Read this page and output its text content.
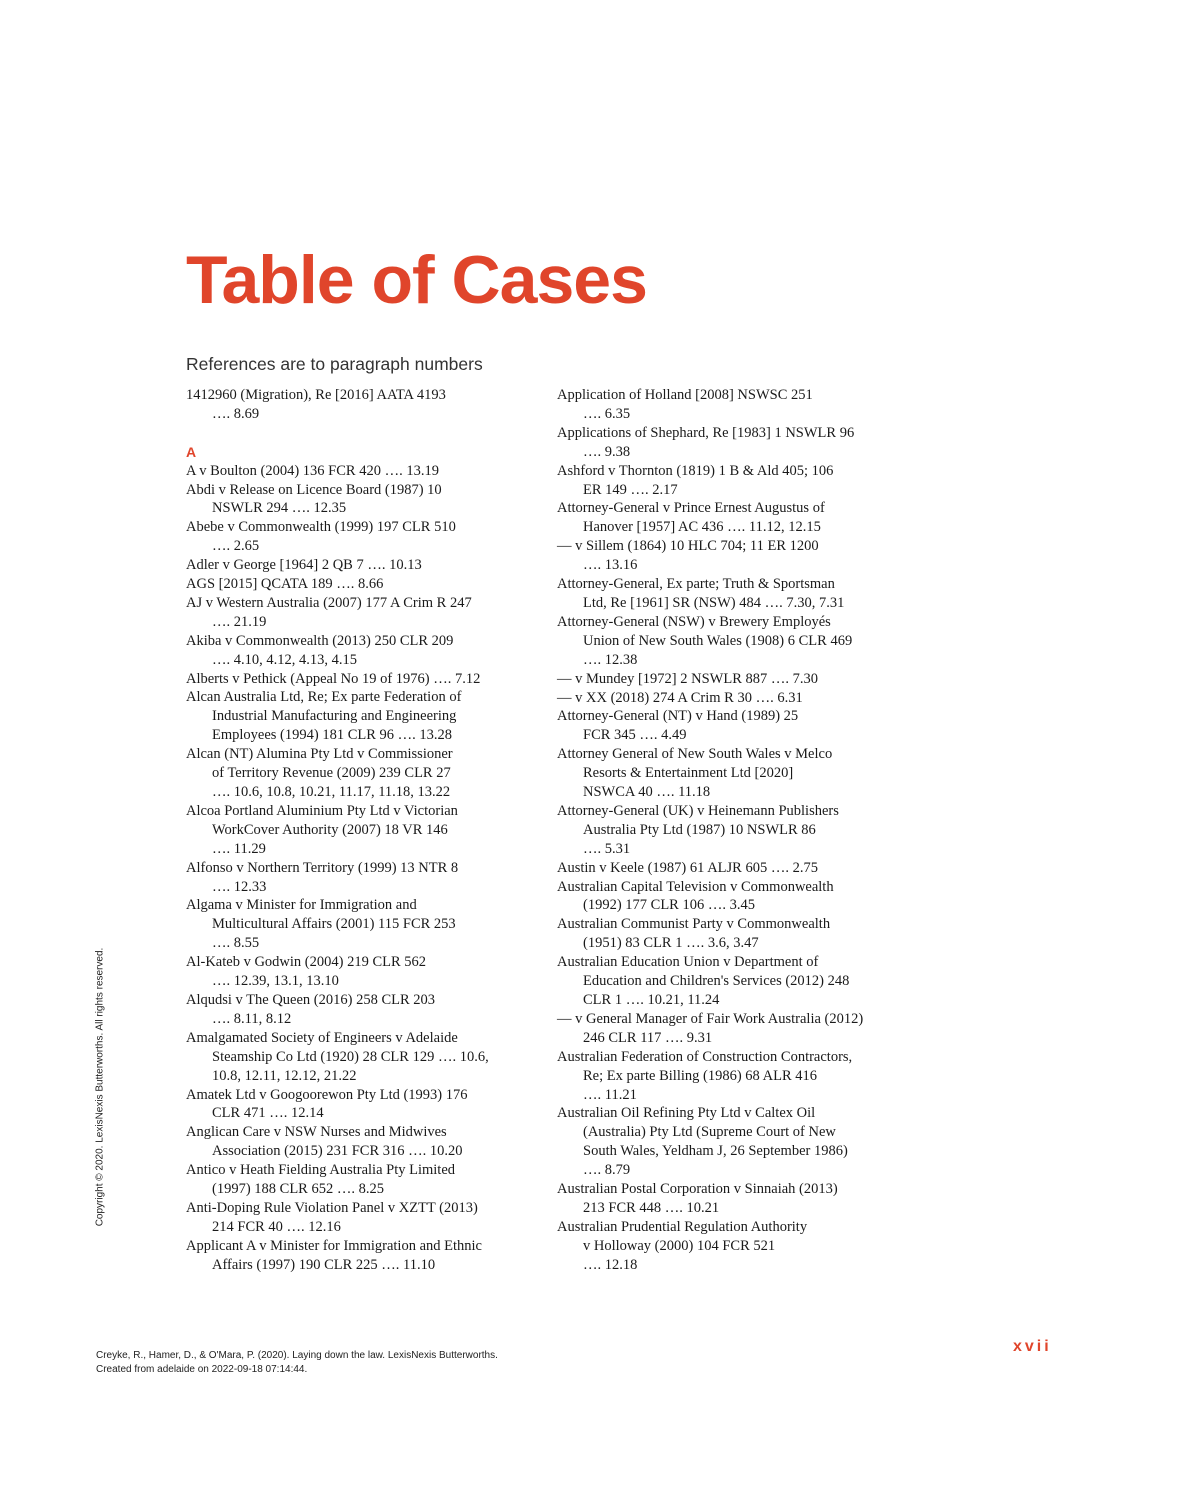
Table of Cases
References are to paragraph numbers
1412960 (Migration), Re [2016] AATA 4193
…. 8.69
A
A v Boulton (2004) 136 FCR 420 …. 13.19
Abdi v Release on Licence Board (1987) 10
NSWLR 294 …. 12.35
Abebe v Commonwealth (1999) 197 CLR 510
…. 2.65
Adler v George [1964] 2 QB 7 …. 10.13
AGS [2015] QCATA 189 …. 8.66
AJ v Western Australia (2007) 177 A Crim R 247
…. 21.19
Akiba v Commonwealth (2013) 250 CLR 209
…. 4.10, 4.12, 4.13, 4.15
Alberts v Pethick (Appeal No 19 of 1976) …. 7.12
Alcan Australia Ltd, Re; Ex parte Federation of
Industrial Manufacturing and Engineering
Employees (1994) 181 CLR 96 …. 13.28
Alcan (NT) Alumina Pty Ltd v Commissioner
of Territory Revenue (2009) 239 CLR 27
…. 10.6, 10.8, 10.21, 11.17, 11.18, 13.22
Alcoa Portland Aluminium Pty Ltd v Victorian
WorkCover Authority (2007) 18 VR 146
…. 11.29
Alfonso v Northern Territory (1999) 13 NTR 8
…. 12.33
Algama v Minister for Immigration and
Multicultural Affairs (2001) 115 FCR 253
…. 8.55
Al-Kateb v Godwin (2004) 219 CLR 562
…. 12.39, 13.1, 13.10
Alqudsi v The Queen (2016) 258 CLR 203
…. 8.11, 8.12
Amalgamated Society of Engineers v Adelaide
Steamship Co Ltd (1920) 28 CLR 129 …. 10.6,
10.8, 12.11, 12.12, 21.22
Amatek Ltd v Googoorewon Pty Ltd (1993) 176
CLR 471 …. 12.14
Anglican Care v NSW Nurses and Midwives
Association (2015) 231 FCR 316 …. 10.20
Antico v Heath Fielding Australia Pty Limited
(1997) 188 CLR 652 …. 8.25
Anti-Doping Rule Violation Panel v XZTT (2013)
214 FCR 40 …. 12.16
Applicant A v Minister for Immigration and Ethnic
Affairs (1997) 190 CLR 225 …. 11.10
Application of Holland [2008] NSWSC 251
…. 6.35
Applications of Shephard, Re [1983] 1 NSWLR 96
…. 9.38
Ashford v Thornton (1819) 1 B & Ald 405; 106
ER 149 …. 2.17
Attorney-General v Prince Ernest Augustus of
Hanover [1957] AC 436 …. 11.12, 12.15
— v Sillem (1864) 10 HLC 704; 11 ER 1200
…. 13.16
Attorney-General, Ex parte; Truth & Sportsman
Ltd, Re [1961] SR (NSW) 484 …. 7.30, 7.31
Attorney-General (NSW) v Brewery Employés
Union of New South Wales (1908) 6 CLR 469
…. 12.38
— v Mundey [1972] 2 NSWLR 887 …. 7.30
— v XX (2018) 274 A Crim R 30 …. 6.31
Attorney-General (NT) v Hand (1989) 25
FCR 345 …. 4.49
Attorney General of New South Wales v Melco
Resorts & Entertainment Ltd [2020]
NSWCA 40 …. 11.18
Attorney-General (UK) v Heinemann Publishers
Australia Pty Ltd (1987) 10 NSWLR 86
…. 5.31
Austin v Keele (1987) 61 ALJR 605 …. 2.75
Australian Capital Television v Commonwealth
(1992) 177 CLR 106 …. 3.45
Australian Communist Party v Commonwealth
(1951) 83 CLR 1 …. 3.6, 3.47
Australian Education Union v Department of
Education and Children's Services (2012) 248
CLR 1 …. 10.21, 11.24
— v General Manager of Fair Work Australia (2012)
246 CLR 117 …. 9.31
Australian Federation of Construction Contractors,
Re; Ex parte Billing (1986) 68 ALR 416
…. 11.21
Australian Oil Refining Pty Ltd v Caltex Oil
(Australia) Pty Ltd (Supreme Court of New
South Wales, Yeldham J, 26 September 1986)
…. 8.79
Australian Postal Corporation v Sinnaiah (2013)
213 FCR 448 …. 10.21
Australian Prudential Regulation Authority
v Holloway (2000) 104 FCR 521
…. 12.18
Copyright © 2020. LexisNexis Butterworths. All rights reserved.
Creyke, R., Hamer, D., & O'Mara, P. (2020). Laying down the law. LexisNexis Butterworths.
Created from adelaide on 2022-09-18 07:14:44.
xvii
